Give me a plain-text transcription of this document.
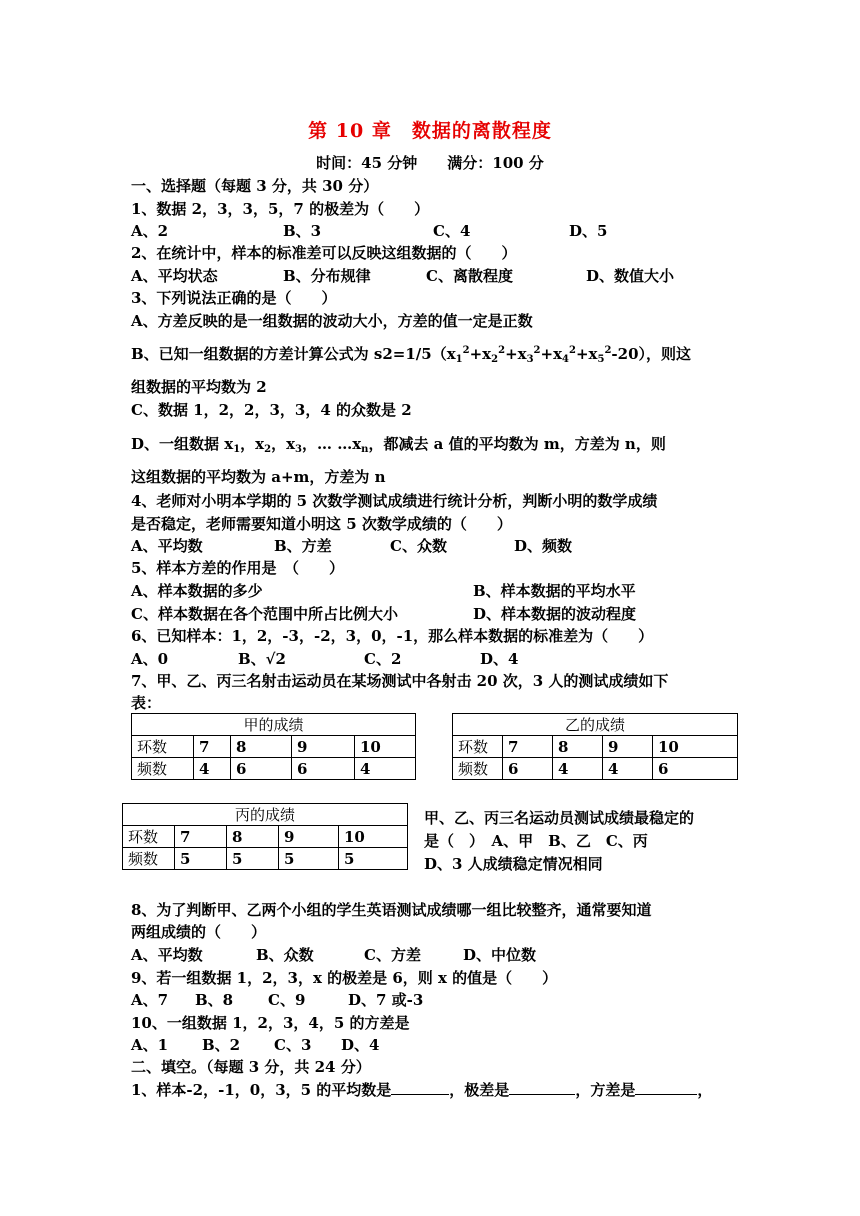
第 10 章　数据的离散程度
时间：45 分钟　　满分：100 分
一、选择题（每题 3 分，共 30 分）
1、数据 2，3，3，5，7 的极差为（　　）
A、2	B、3	C、4	D、5
2、在统计中，样本的标准差可以反映这组数据的（　　）
A、平均状态	B、分布规律	C、离散程度	D、数值大小
3、下列说法正确的是（　　）
A、方差反映的是一组数据的波动大小，方差的值一定是正数
B、已知一组数据的方差计算公式为 $s2=1/5(x_1^2+x_2^2+x_3^2+x_4^2+x_5^2-20)$，则这
组数据的平均数为 2
C、数据 1，2，2，3，3，4 的众数是 2
D、一组数据 $x_1$，$x_2$，$x_3$，… $\dots x_n$，都减去 a 值的平均数为 m，方差为 n，则
这组数据的平均数为 a+m，方差为 n
4、老师对小明本学期的 5 次数学测试成绩进行统计分析，判断小明的数学成绩
是否稳定，老师需要知道小明这 5 次数学成绩的（　　）
A、平均数	B、方差	C、众数	D、频数
5、样本方差的作用是　（　　）
A、样本数据的多少	B、样本数据的平均水平
C、样本数据在各个范围中所占比例大小	D、样本数据的波动程度
6、已知样本：1，2，-3，-2，3，0，-1，那么样本数据的标准差为（　　）
A、0	B、√2	C、2	D、4
7、甲、乙、丙三名射击运动员在某场测试中各射击 20 次，3 人的测试成绩如下
表：
甲的成绩				
环数	7	8	9	10
频数	4	6	6	4
乙的成绩				
环数	7	8	9	10
频数	6	4	4	6
丙的成绩				
环数	7	8	9	10
频数	5	5	5	5
甲、乙、丙三名运动员测试成绩最稳定的
是（　）　A、甲　B、乙　C、丙
D、3 人成绩稳定情况相同
8、为了判断甲、乙两个小组的学生英语测试成绩哪一组比较整齐，通常要知道
两组成绩的（　　）
A、平均数	B、众数	C、方差	D、中位数
9、若一组数据 1，2，3，x 的极差是 6，则 x 的值是（　　）
A、7 B、8 C、9	D、7 或-3
10、一组数据 1，2，3，4，5 的方差是
A、1 B、2 C、3 D、4
二、填空。（每题 3 分，共 24 分）
1、样本-2，-1，0，3，5 的平均数是	，极差是	，方差是	，
